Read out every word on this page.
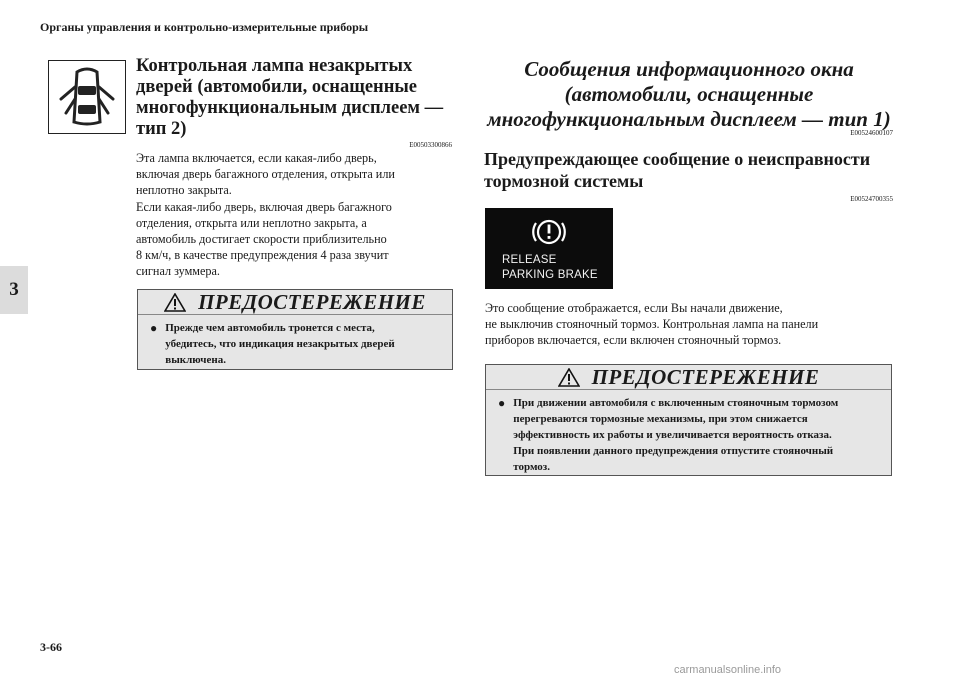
Органы управления и контрольно-измерительные приборы
3
Контрольная лампа незакрытых
дверей (автомобили, оснащенные
многофункциональным дисплеем —
тип 2)
E00503300866

Эта лампа включается, если какая-либо дверь,

включая дверь багажного отделения, открыта или

неплотно закрыта.

Если какая-либо дверь, включая дверь багажного

отделения, открыта или неплотно закрыта, а

автомобиль достигает скорости приблизительно

8 км/ч, в качестве предупреждения 4 раза звучит

сигнал зуммера.

ПРЕДОСТЕРЕЖЕНИЕ
● Прежде чем автомобиль тронется с места,
убедитесь, что индикация незакрытых дверей
выключена.
Сообщения информационного окна
(автомобили, оснащенные
многофункциональным дисплеем — тип 1)
E00524600107
Предупреждающее сообщение о неисправности
тормозной системы
E00524700355
RELEASE
PARKING BRAKE
Это сообщение отображается, если Вы начали движение,
не выключив стояночный тормоз. Контрольная лампа на панели
приборов включается, если включен стояночный тормоз.
ПРЕДОСТЕРЕЖЕНИЕ
● При движении автомобиля с включенным стояночным тормозом
перегреваются тормозные механизмы, при этом снижается
эффективность их работы и увеличивается вероятность отказа.
При появлении данного предупреждения отпустите стояночный
тормоз.
3-66
carmanualsonline.info
